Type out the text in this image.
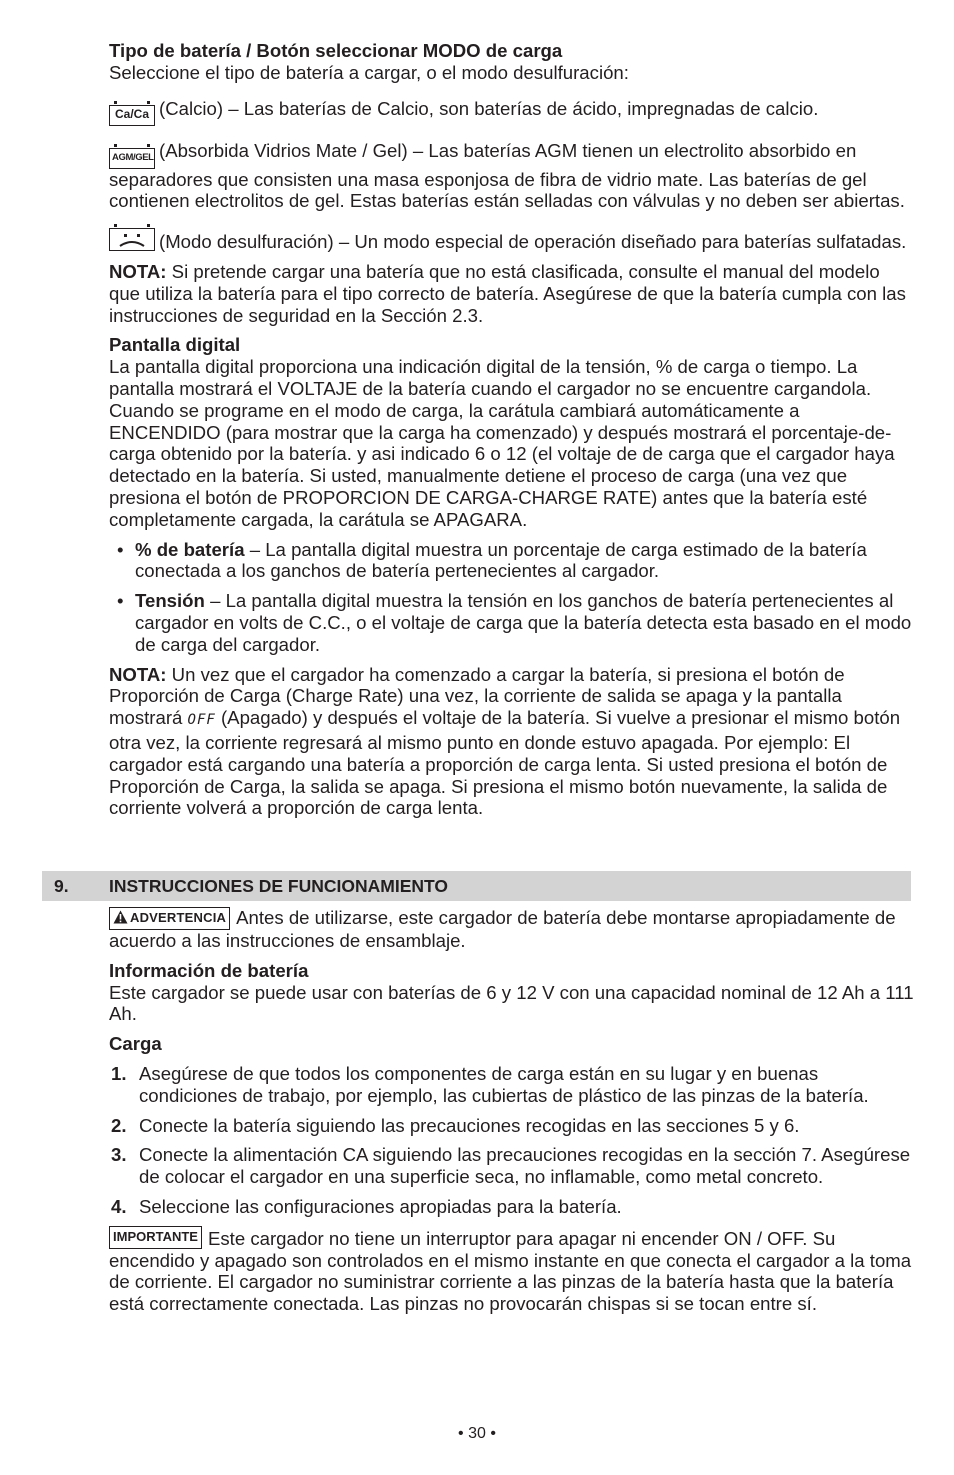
Tipo de batería / Botón seleccionar MODO de carga

Seleccione el tipo de batería a cargar, o el modo desulfuración:

Ca/Ca (Calcio) – Las baterías de Calcio, son baterías de ácido, impregnadas de calcio.

AGM/GEL (Absorbida Vidrios Mate / Gel) – Las baterías AGM tienen un electrolito absorbido en separadores que consisten una masa esponjosa de fibra de vidrio mate. Las baterías de gel contienen electrolitos de gel. Estas baterías están selladas con válvulas y no deben ser abiertas.

(Modo desulfuración) – Un modo especial de operación diseñado para baterías sulfatadas.

NOTA: Si pretende cargar una batería que no está clasificada, consulte el manual del modelo que utiliza la batería para el tipo correcto de batería. Asegúrese de que la batería cumpla con las instrucciones de seguridad en la Sección 2.3.

Pantalla digital

La pantalla digital proporciona una indicación digital de la tensión, % de carga o tiempo. La pantalla mostrará el VOLTAJE de la batería cuando el cargador no se encuentre cargandola. Cuando se programe en el modo de carga, la carátula cambiará automáticamente a ENCENDIDO (para mostrar que la carga ha comenzado) y después mostrará el porcentaje-de-carga obtenido por la batería. y asi indicado 6 o 12 (el voltaje de de carga que el cargador haya detectado en la batería. Si usted, manualmente detiene el proceso de carga (una vez que presiona el botón de PROPORCION DE CARGA-CHARGE RATE) antes que la batería esté completamente cargada, la carátula se APAGARA.

• % de batería – La pantalla digital muestra un porcentaje de carga estimado de la batería conectada a los ganchos de batería pertenecientes al cargador.
• Tensión – La pantalla digital muestra la tensión en los ganchos de batería pertenecientes al cargador en volts de C.C., o el voltaje de carga que la batería detecta esta basado en el modo de carga del cargador.

NOTA: Un vez que el cargador ha comenzado a cargar la batería, si presiona el botón de Proporción de Carga (Charge Rate) una vez, la corriente de salida se apaga y la pantalla mostrará OFF (Apagado) y después el voltaje de la batería. Si vuelve a presionar el mismo botón otra vez, la corriente regresará al mismo punto en donde estuvo apagada. Por ejemplo: El cargador está cargando una batería a proporción de carga lenta. Si usted presiona el botón de Proporción de Carga, la salida se apaga. Si presiona el mismo botón nuevamente, la salida de corriente volverá a proporción de carga lenta.

9. INSTRUCCIONES DE FUNCIONAMIENTO

ADVERTENCIA Antes de utilizarse, este cargador de batería debe montarse apropiadamente de acuerdo a las instrucciones de ensamblaje.

Información de batería

Este cargador se puede usar con baterías de 6 y 12 V con una capacidad nominal de 12 Ah a 111 Ah.

Carga

1. Asegúrese de que todos los componentes de carga están en su lugar y en buenas condiciones de trabajo, por ejemplo, las cubiertas de plástico de las pinzas de la batería.
2. Conecte la batería siguiendo las precauciones recogidas en las secciones 5 y 6.
3. Conecte la alimentación CA siguiendo las precauciones recogidas en la sección 7. Asegúrese de colocar el cargador en una superficie seca, no inflamable, como metal concreto.
4. Seleccione las configuraciones apropiadas para la batería.

IMPORTANTE Este cargador no tiene un interruptor para apagar ni encender ON / OFF. Su encendido y apagado son controlados en el mismo instante en que conecta el cargador a la toma de corriente. El cargador no suministrar corriente a las pinzas de la batería hasta que la batería está correctamente conectada. Las pinzas no provocarán chispas si se tocan entre sí.

• 30 •
